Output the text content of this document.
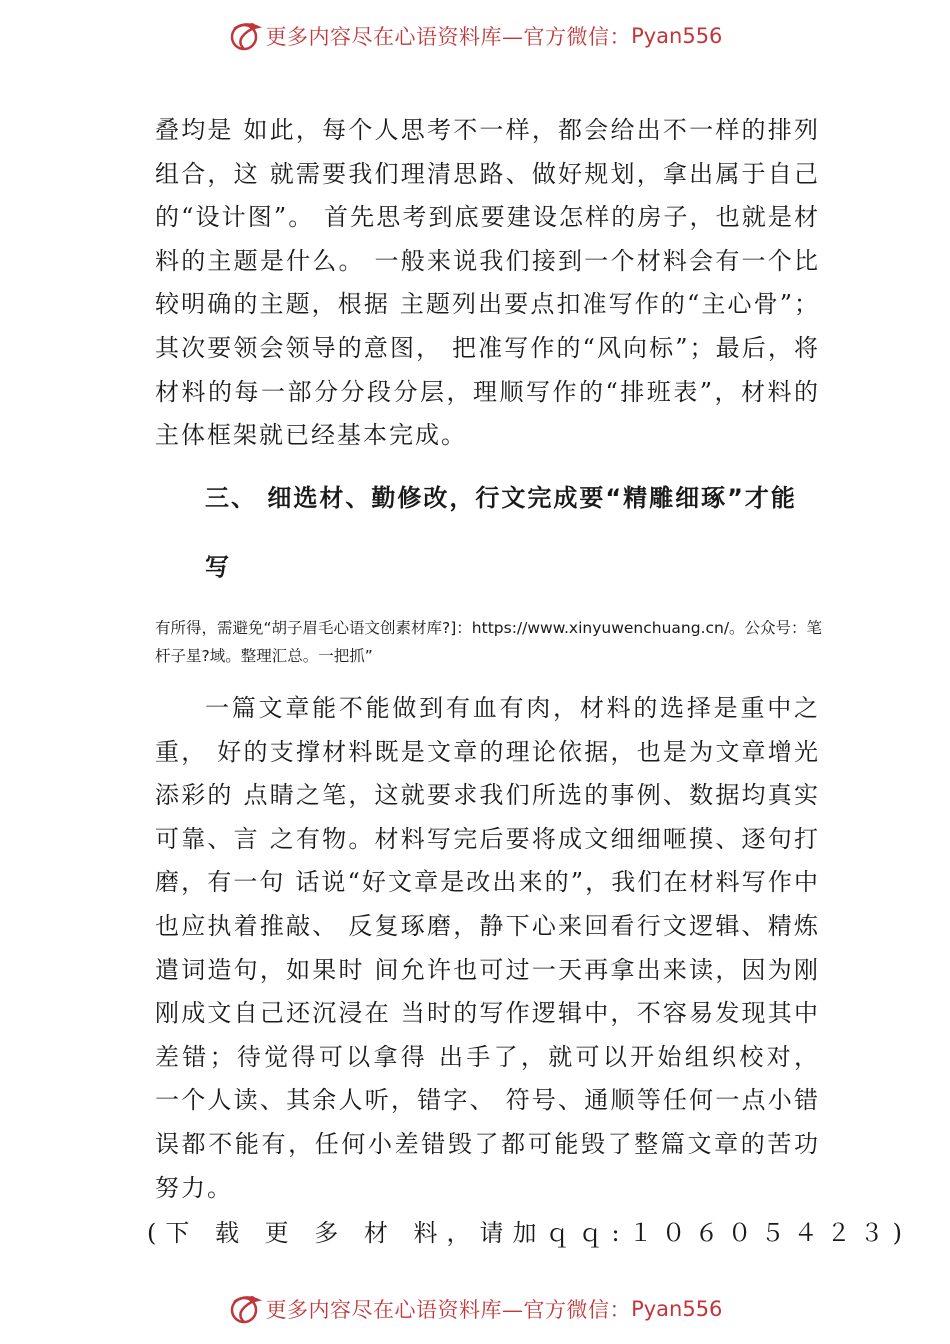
更多内容尽在心语资料库—官方微信： Pyan556
叠均是 如此，每个人思考不一样，都会给出不一样的排列组合，这 就需要我们理清思路、做好规划，拿出属于自己的“设计图”。 首先思考到底要建设怎样的房子，也就是材料的主题是什么。 一般来说我们接到一个材料会有一个比较明确的主题，根据 主题列出要点扣准写作的“主心骨”；其次要领会领导的意图， 把准写作的“风向标”；最后，将材料的每一部分分段分层，理顺写作的“排班表”，材料的主体框架就已经基本完成。
三、 细选材、勤修改，行文完成要“精雕细琢”才能
写
有所得，需避免“胡子眉毛心语文创素材库?]：https://www.xinyuwenchuang.cn/。公众号：笔杆子星?域。整理汇总。一把抓”
一篇文章能不能做到有血有肉，材料的选择是重中之重， 好的支撑材料既是文章的理论依据，也是为文章增光添彩的 点睛之笔，这就要求我们所选的事例、数据均真实可靠、言 之有物。材料写完后要将成文细细咂摸、逐句打磨，有一句 话说“好文章是改出来的”，我们在材料写作中也应执着推敲、 反复琢磨，静下心来回看行文逻辑、精炼遣词造句，如果时 间允许也可过一天再拿出来读，因为刚刚成文自己还沉浸在 当时的写作逻辑中，不容易发现其中差错；待觉得可以拿得 出手了，就可以开始组织校对， 一个人读、其余人听，错字、 符号、通顺等任何一点小错误都不能有，任何小差错毁了都可能毁了整篇文章的苦功努力。
(下 载 更 多 材 料，请加ｑｑ:１０６０５４２３)
更多内容尽在心语资料库—官方微信： Pyan556
